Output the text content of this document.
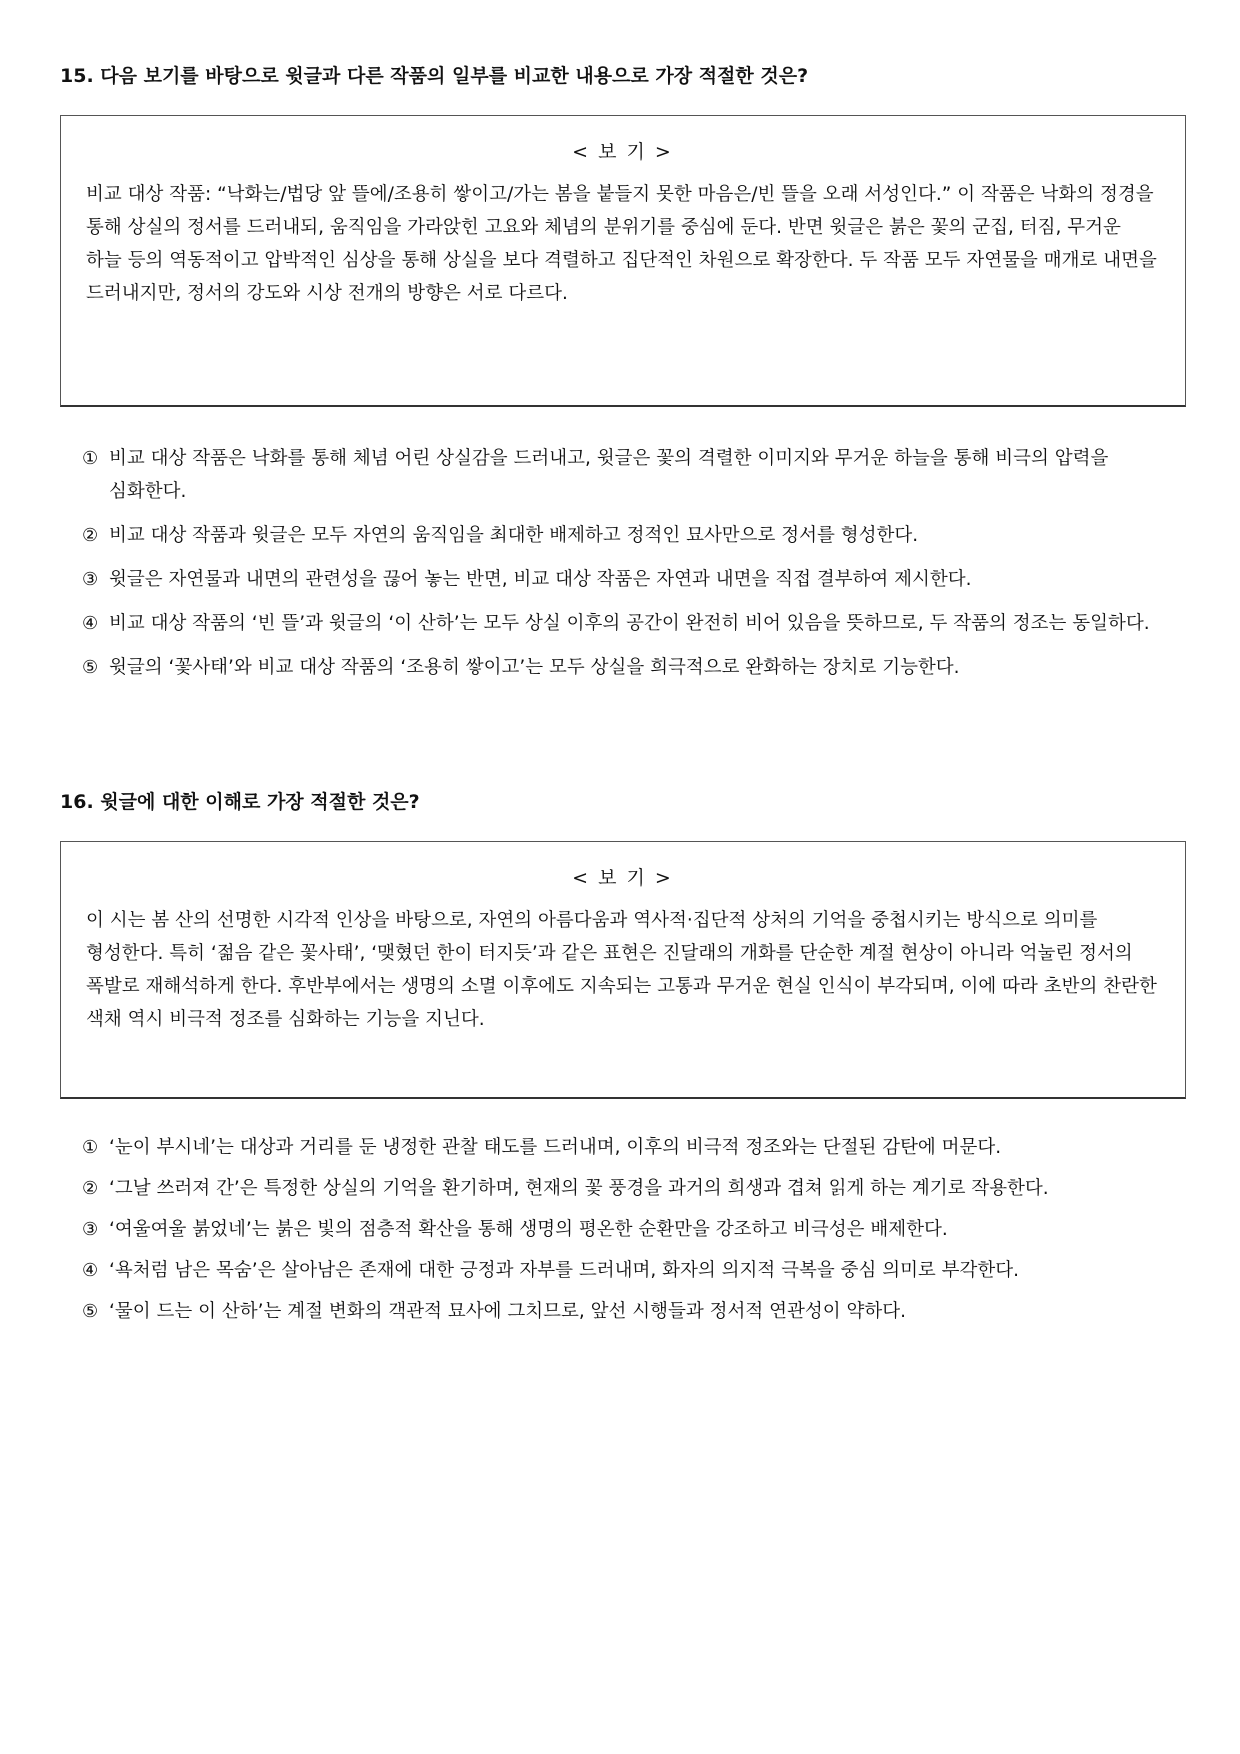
15. 다음 보기를 바탕으로 윗글과 다른 작품의 일부를 비교한 내용으로 가장 적절한 것은?

< 보 기 >

비교 대상 작품: “낙화는/법당 앞 뜰에/조용히 쌓이고/가는 봄을 붙들지 못한 마음은/빈 뜰을 오래 서성인다.” 이 작품은 낙화의 정경을 통해 상실의 정서를 드러내되, 움직임을 가라앉힌 고요와 체념의 분위기를 중심에 둔다. 반면 윗글은 붉은 꽃의 군집, 터짐, 무거운 하늘 등의 역동적이고 압박적인 심상을 통해 상실을 보다 격렬하고 집단적인 차원으로 확장한다. 두 작품 모두 자연물을 매개로 내면을 드러내지만, 정서의 강도와 시상 전개의 방향은 서로 다르다.

① 비교 대상 작품은 낙화를 통해 체념 어린 상실감을 드러내고, 윗글은 꽃의 격렬한 이미지와 무거운 하늘을 통해 비극의 압력을 심화한다.
② 비교 대상 작품과 윗글은 모두 자연의 움직임을 최대한 배제하고 정적인 묘사만으로 정서를 형성한다.
③ 윗글은 자연물과 내면의 관련성을 끊어 놓는 반면, 비교 대상 작품은 자연과 내면을 직접 결부하여 제시한다.
④ 비교 대상 작품의 ‘빈 뜰’과 윗글의 ‘이 산하’는 모두 상실 이후의 공간이 완전히 비어 있음을 뜻하므로, 두 작품의 정조는 동일하다.
⑤ 윗글의 ‘꽃사태’와 비교 대상 작품의 ‘조용히 쌓이고’는 모두 상실을 희극적으로 완화하는 장치로 기능한다.

16. 윗글에 대한 이해로 가장 적절한 것은?

< 보 기 >

이 시는 봄 산의 선명한 시각적 인상을 바탕으로, 자연의 아름다움과 역사적·집단적 상처의 기억을 중첩시키는 방식으로 의미를 형성한다. 특히 ‘젊음 같은 꽃사태’, ‘맺혔던 한이 터지듯’과 같은 표현은 진달래의 개화를 단순한 계절 현상이 아니라 억눌린 정서의 폭발로 재해석하게 한다. 후반부에서는 생명의 소멸 이후에도 지속되는 고통과 무거운 현실 인식이 부각되며, 이에 따라 초반의 찬란한 색채 역시 비극적 정조를 심화하는 기능을 지닌다.

① ‘눈이 부시네’는 대상과 거리를 둔 냉정한 관찰 태도를 드러내며, 이후의 비극적 정조와는 단절된 감탄에 머문다.
② ‘그날 쓰러져 간’은 특정한 상실의 기억을 환기하며, 현재의 꽃 풍경을 과거의 희생과 겹쳐 읽게 하는 계기로 작용한다.
③ ‘여울여울 붉었네’는 붉은 빛의 점층적 확산을 통해 생명의 평온한 순환만을 강조하고 비극성은 배제한다.
④ ‘욕처럼 남은 목숨’은 살아남은 존재에 대한 긍정과 자부를 드러내며, 화자의 의지적 극복을 중심 의미로 부각한다.
⑤ ‘물이 드는 이 산하’는 계절 변화의 객관적 묘사에 그치므로, 앞선 시행들과 정서적 연관성이 약하다.
